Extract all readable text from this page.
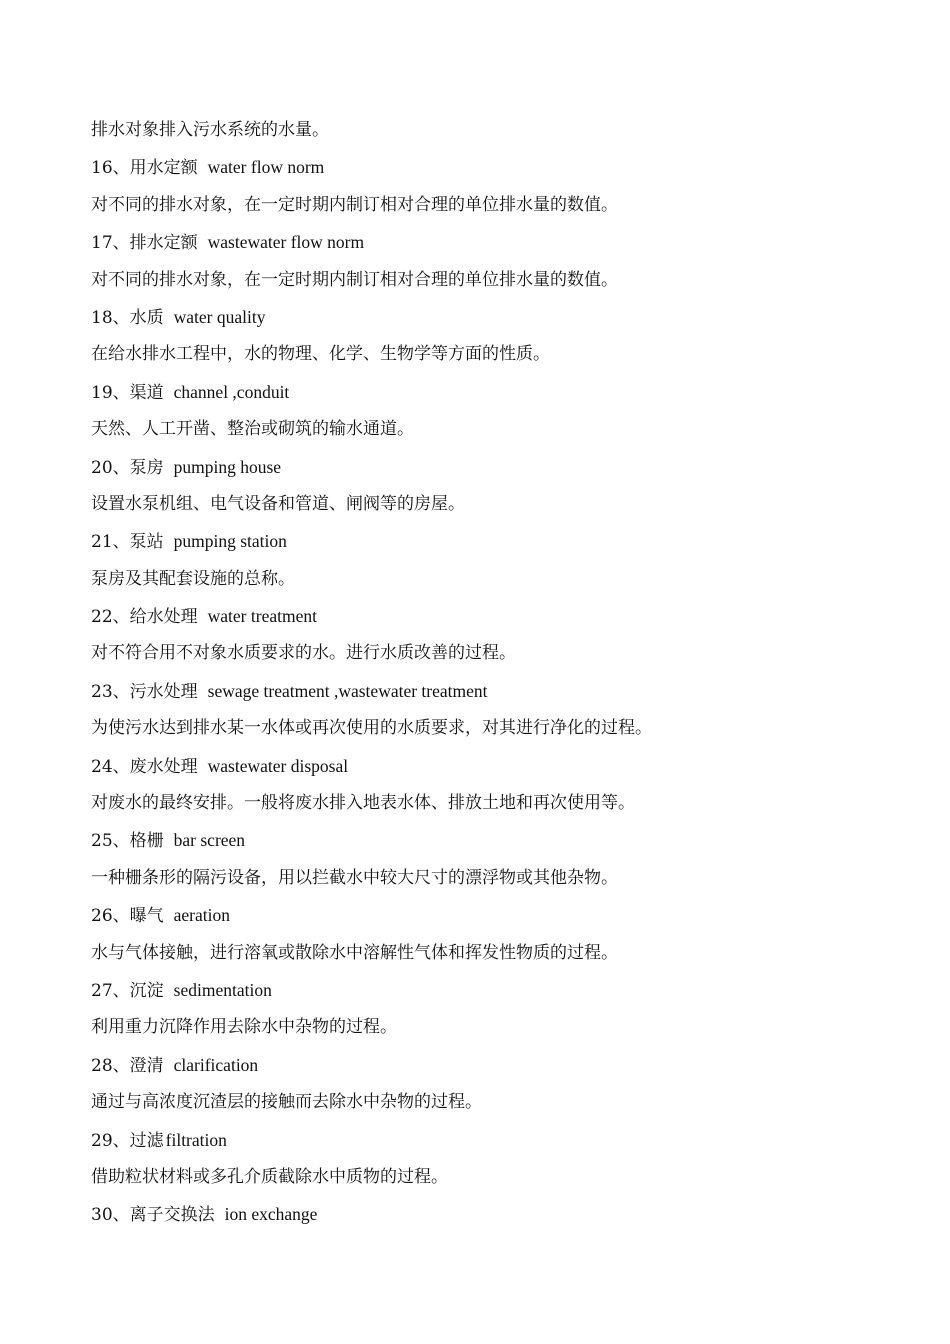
排水对象排入污水系统的水量。
16、用水定额 water flow norm
对不同的排水对象，在一定时期内制订相对合理的单位排水量的数值。
17、排水定额 wastewater flow norm
对不同的排水对象，在一定时期内制订相对合理的单位排水量的数值。
18、水质 water quality
在给水排水工程中，水的物理、化学、生物学等方面的性质。
19、渠道 channel ,conduit
天然、人工开凿、整治或砌筑的输水通道。
20、泵房 pumping house
设置水泵机组、电气设备和管道、闸阀等的房屋。
21、泵站 pumping station
泵房及其配套设施的总称。
22、给水处理 water treatment
对不符合用不对象水质要求的水。进行水质改善的过程。
23、污水处理 sewage treatment ,wastewater treatment
为使污水达到排水某一水体或再次使用的水质要求，对其进行净化的过程。
24、废水处理 wastewater disposal
对废水的最终安排。一般将废水排入地表水体、排放土地和再次使用等。
25、格栅 bar screen
一种栅条形的隔污设备，用以拦截水中较大尺寸的漂浮物或其他杂物。
26、曝气 aeration
水与气体接触，进行溶氧或散除水中溶解性气体和挥发性物质的过程。
27、沉淀 sedimentation
利用重力沉降作用去除水中杂物的过程。
28、澄清 clarification
通过与高浓度沉渣层的接触而去除水中杂物的过程。
29、过滤 filtration
借助粒状材料或多孔介质截除水中质物的过程。
30、离子交换法 ion exchange
